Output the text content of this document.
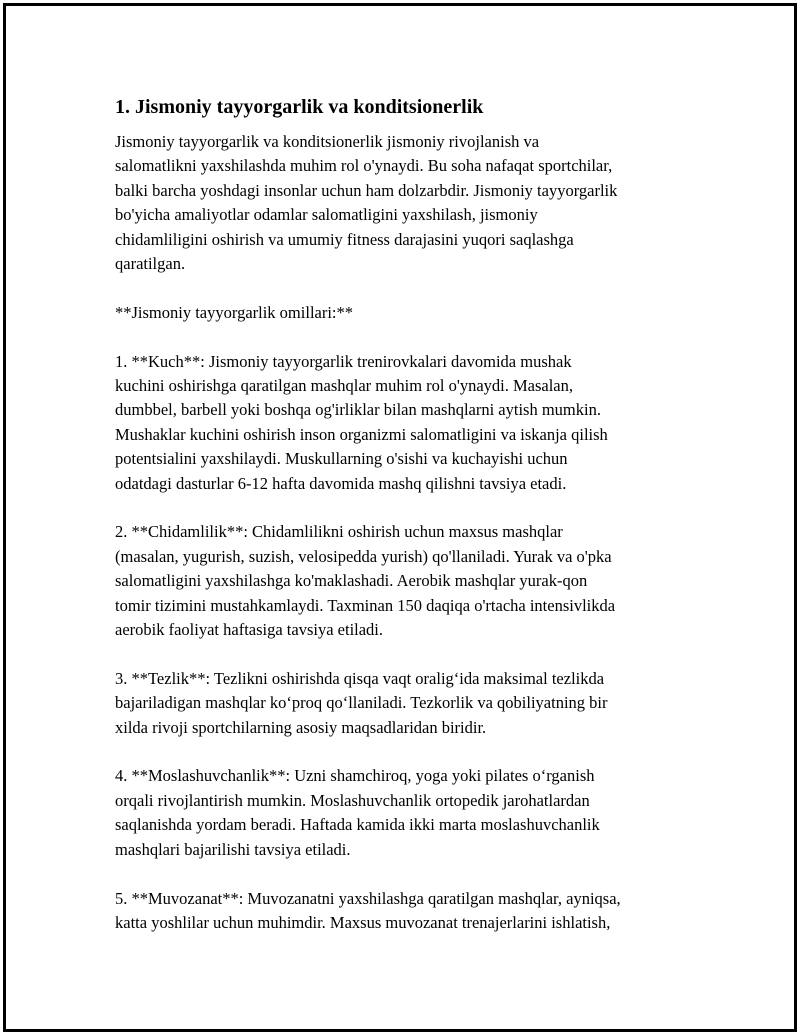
1. Jismoniy tayyorgarlik va konditsionerlik
Jismoniy tayyorgarlik va konditsionerlik jismoniy rivojlanish va
salomatlikni yaxshilashda muhim rol o'ynaydi. Bu soha nafaqat sportchilar,
balki barcha yoshdagi insonlar uchun ham dolzarbdir. Jismoniy tayyorgarlik
bo'yicha amaliyotlar odamlar salomatligini yaxshilash, jismoniy
chidamliligini oshirish va umumiy fitness darajasini yuqori saqlashga
qaratilgan.
**Jismoniy tayyorgarlik omillari:**
1. **Kuch**: Jismoniy tayyorgarlik trenirovkalari davomida mushak
kuchini oshirishga qaratilgan mashqlar muhim rol o'ynaydi. Masalan,
dumbbel, barbell yoki boshqa og'irliklar bilan mashqlarni aytish mumkin.
Mushaklar kuchini oshirish inson organizmi salomatligini va iskanja qilish
potentsialini yaxshilaydi. Muskullarning o'sishi va kuchayishi uchun
odatdagi dasturlar 6-12 hafta davomida mashq qilishni tavsiya etadi.
2. **Chidamlilik**: Chidamlilikni oshirish uchun maxsus mashqlar
(masalan, yugurish, suzish, velosipedda yurish) qo'llaniladi. Yurak va o'pka
salomatligini yaxshilashga ko'maklashadi. Aerobik mashqlar yurak-qon
tomir tizimini mustahkamlaydi. Taxminan 150 daqiqa o'rtacha intensivlikda
aerobik faoliyat haftasiga tavsiya etiladi.
3. **Tezlik**: Tezlikni oshirishda qisqa vaqt oralig‘ida maksimal tezlikda
bajariladigan mashqlar ko‘proq qo‘llaniladi. Tezkorlik va qobiliyatning bir
xilda rivoji sportchilarning asosiy maqsadlaridan biridir.
4. **Moslashuvchanlik**: Uzni shamchiroq, yoga yoki pilates o‘rganish
orqali rivojlantirish mumkin. Moslashuvchanlik ortopedik jarohatlardan
saqlanishda yordam beradi. Haftada kamida ikki marta moslashuvchanlik
mashqlari bajarilishi tavsiya etiladi.
5. **Muvozanat**: Muvozanatni yaxshilashga qaratilgan mashqlar, ayniqsa,
katta yoshlilar uchun muhimdir. Maxsus muvozanat trenajerlarini ishlatish,
